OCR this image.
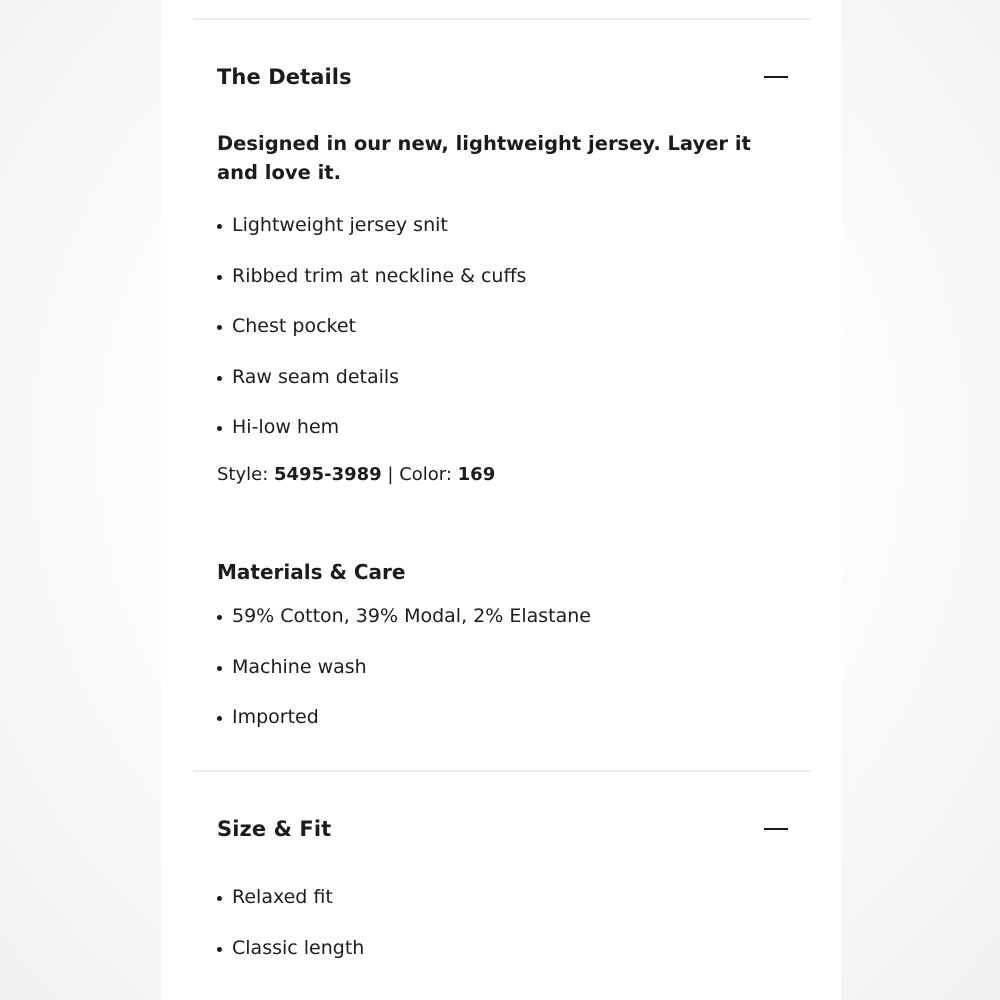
The Details
Designed in our new, lightweight jersey. Layer it and love it.
Lightweight jersey snit
Ribbed trim at neckline & cuffs
Chest pocket
Raw seam details
Hi-low hem
Style: 5495-3989 | Color: 169
Materials & Care
59% Cotton, 39% Modal, 2% Elastane
Machine wash
Imported
Size & Fit
Relaxed fit
Classic length
